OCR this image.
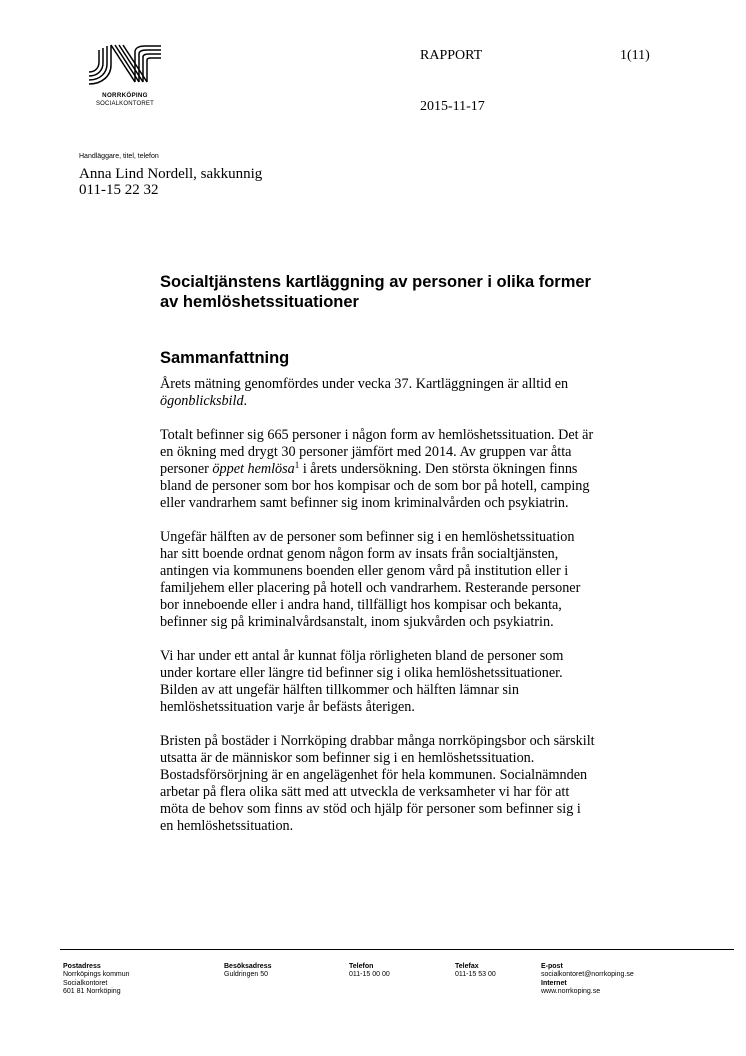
NORRKÖPING
SOCIALKONTORET
RAPPORT	1(11)
2015-11-17
Handläggare, titel, telefon
Anna Lind Nordell, sakkunnig
011-15 22 32
Socialtjänstens kartläggning av personer i olika former
av hemlöshetssituationer
Sammanfattning

Årets mätning genomfördes under vecka 37. Kartläggningen är alltid en
ögonblicksbild.

Totalt befinner sig 665 personer i någon form av hemlöshetssituation. Det är
en ökning med drygt 30 personer jämfört med 2014. Av gruppen var åtta
personer öppet hemlösa$^1$ i årets undersökning. Den största ökningen finns
bland de personer som bor hos kompisar och de som bor på hotell, camping
eller vandrarhem samt befinner sig inom kriminalvården och psykiatrin.

Ungefär hälften av de personer som befinner sig i en hemlöshetssituation
har sitt boende ordnat genom någon form av insats från socialtjänsten,
antingen via kommunens boenden eller genom vård på institution eller i
familjehem eller placering på hotell och vandrarhem. Resterande personer
bor inneboende eller i andra hand, tillfälligt hos kompisar och bekanta,
befinner sig på kriminalvårdsanstalt, inom sjukvården och psykiatrin.

Vi har under ett antal år kunnat följa rörligheten bland de personer som
under kortare eller längre tid befinner sig i olika hemlöshetssituationer.
Bilden av att ungefär hälften tillkommer och hälften lämnar sin
hemlöshetssituation varje år befästs återigen.

Bristen på bostäder i Norrköping drabbar många norrköpingsbor och särskilt
utsatta är de människor som befinner sig i en hemlöshetssituation.
Bostadsförsörjning är en angelägenhet för hela kommunen. Socialnämnden
arbetar på flera olika sätt med att utveckla de verksamheter vi har för att
möta de behov som finns av stöd och hjälp för personer som befinner sig i
en hemlöshetssituation.

Postadress
Norrköpings kommun
Socialkontoret
601 81 Norrköping
Besöksadress
Guldringen 50
Telefon
011-15 00 00
Telefax
011-15 53 00
E-post
socialkontoret@norrkoping.se
Internet
www.norrkoping.se
